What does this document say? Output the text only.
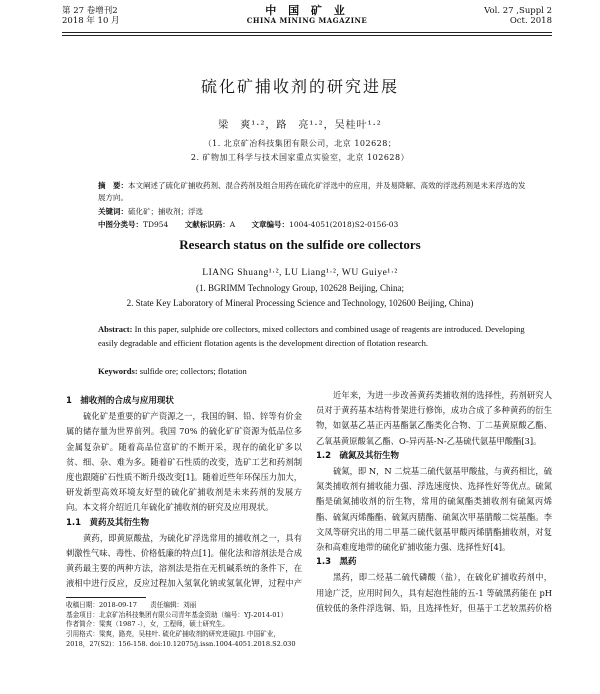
第 27 卷增刊2
2018 年 10 月
中 国 矿 业
CHINA MINING MAGAZINE
Vol. 27 ,Suppl 2
Oct. 2018
硫化矿捕收剂的研究进展
梁　爽¹·²，路　亮¹·²，吴桂叶¹·²
（1. 北京矿冶科技集团有限公司，北京 102628；
2. 矿物加工科学与技术国家重点实验室，北京 102628）
摘　要：本文阐述了硫化矿捕收药剂、混合药剂及组合用药在硫化矿浮选中的应用，并及易降解、高效的浮选药剂是未来浮选的发展方向。
关键词：硫化矿；捕收剂；浮选
中图分类号：TD954 文献标识码：A 文章编号：1004-4051(2018)S2-0156-03
Research status on the sulfide ore collectors
LIANG Shuang¹·², LU Liang¹·², WU Guiye¹·²
(1. BGRIMM Technology Group, 102628 Beijing, China;
2. State Key Laboratory of Mineral Processing Science and Technology, 102600 Beijing, China)
Abstract: In this paper, sulphide ore collectors, mixed collectors and combined usage of reagents are introduced. Developing easily degradable and efficient flotation agents is the development direction of flotation research.
Keywords: sulfide ore; collectors; flotation

1　捕收剂的合成与应用现状

硫化矿是重要的矿产资源之一，我国的铜、铅、锌等有价金属的储存量为世界前列。我国 70% 的硫化矿矿资源为低品位多金属复杂矿。随着高品位富矿的不断开采，现存的硫化矿多以贫、细、杂、难为多。随着矿石性质的改变，选矿工艺和药剂制度也跟随矿石性质不断升级改变[1]。随着近些年环保压力加大，研发新型高效环境友好型的硫化矿捕收剂是未来药剂的发展方向。本文将介绍近几年硫化矿捕收剂的研究及应用现状。

1.1　黄药及其衍生物

黄药，即黄原酸盐，为硫化矿浮选常用的捕收剂之一，具有刺激性气味、毒性、价格低廉的特点[1]。催化法和溶剂法是合成黄药最主要的两种方法，溶剂法是指在无机碱系统的条件下，在液相中进行反应，反应过程加入氢氧化钠或氢氧化钾，过程中产

收稿日期：2018-09-17　　责任编辑：刘丽

基金项目：北京矿冶科技集团有限公司青年基金资助（编号：YJ-2014-01）

作者简介：梁爽（1987 -），女，工程师，硕士研究生。

引用格式：梁爽，路亮，吴桂叶. 硫化矿捕收剂的研究进展[J]. 中国矿业，2018，27(S2)：156-158. doi:10.12075/j.issn.1004-4051.2018.S2.030

近年来，为进一步改善黄药类捕收剂的选择性，药剂研究人员对于黄药基本结构骨架进行修饰，成功合成了多种黄药的衍生物，如氨基乙基正丙基酯氯乙酯类化合物、丁二基黄原酸乙酯、乙氧基黄原酸氧乙酯、O-异丙基-N-乙基硫代氨基甲酸酯[3]。

1.2　硫氮及其衍生物

硫氮，即 N，N 二烷基二硫代氨基甲酸盐，与黄药相比，硫氮类捕收剂有捕收能力强、浮选速度快、选择性好等优点。硫氮酯是硫氮捕收剂的衍生物，常用的硫氮酯类捕收剂有硫氮丙烯酯、硫氮丙烯酯酯、硫氮丙腈酯、硫氮次甲基腈酸二烷基酯。李文凤等研究出的用二甲基二硫代氨基甲酸丙烯腈酯捕收剂，对复杂和高难度地带的硫化矿捕收能力强、选择性好[4]。

1.3　黑药

黑药，即二烃基二硫代磷酸（盐），在硫化矿捕收药剂中，用途广泛，应用时间久，具有起泡性能的五-1 等硫黑药能在 pH 值较低的条件浮选铜、铅，且选择性好，但基于工艺较黑药价格
